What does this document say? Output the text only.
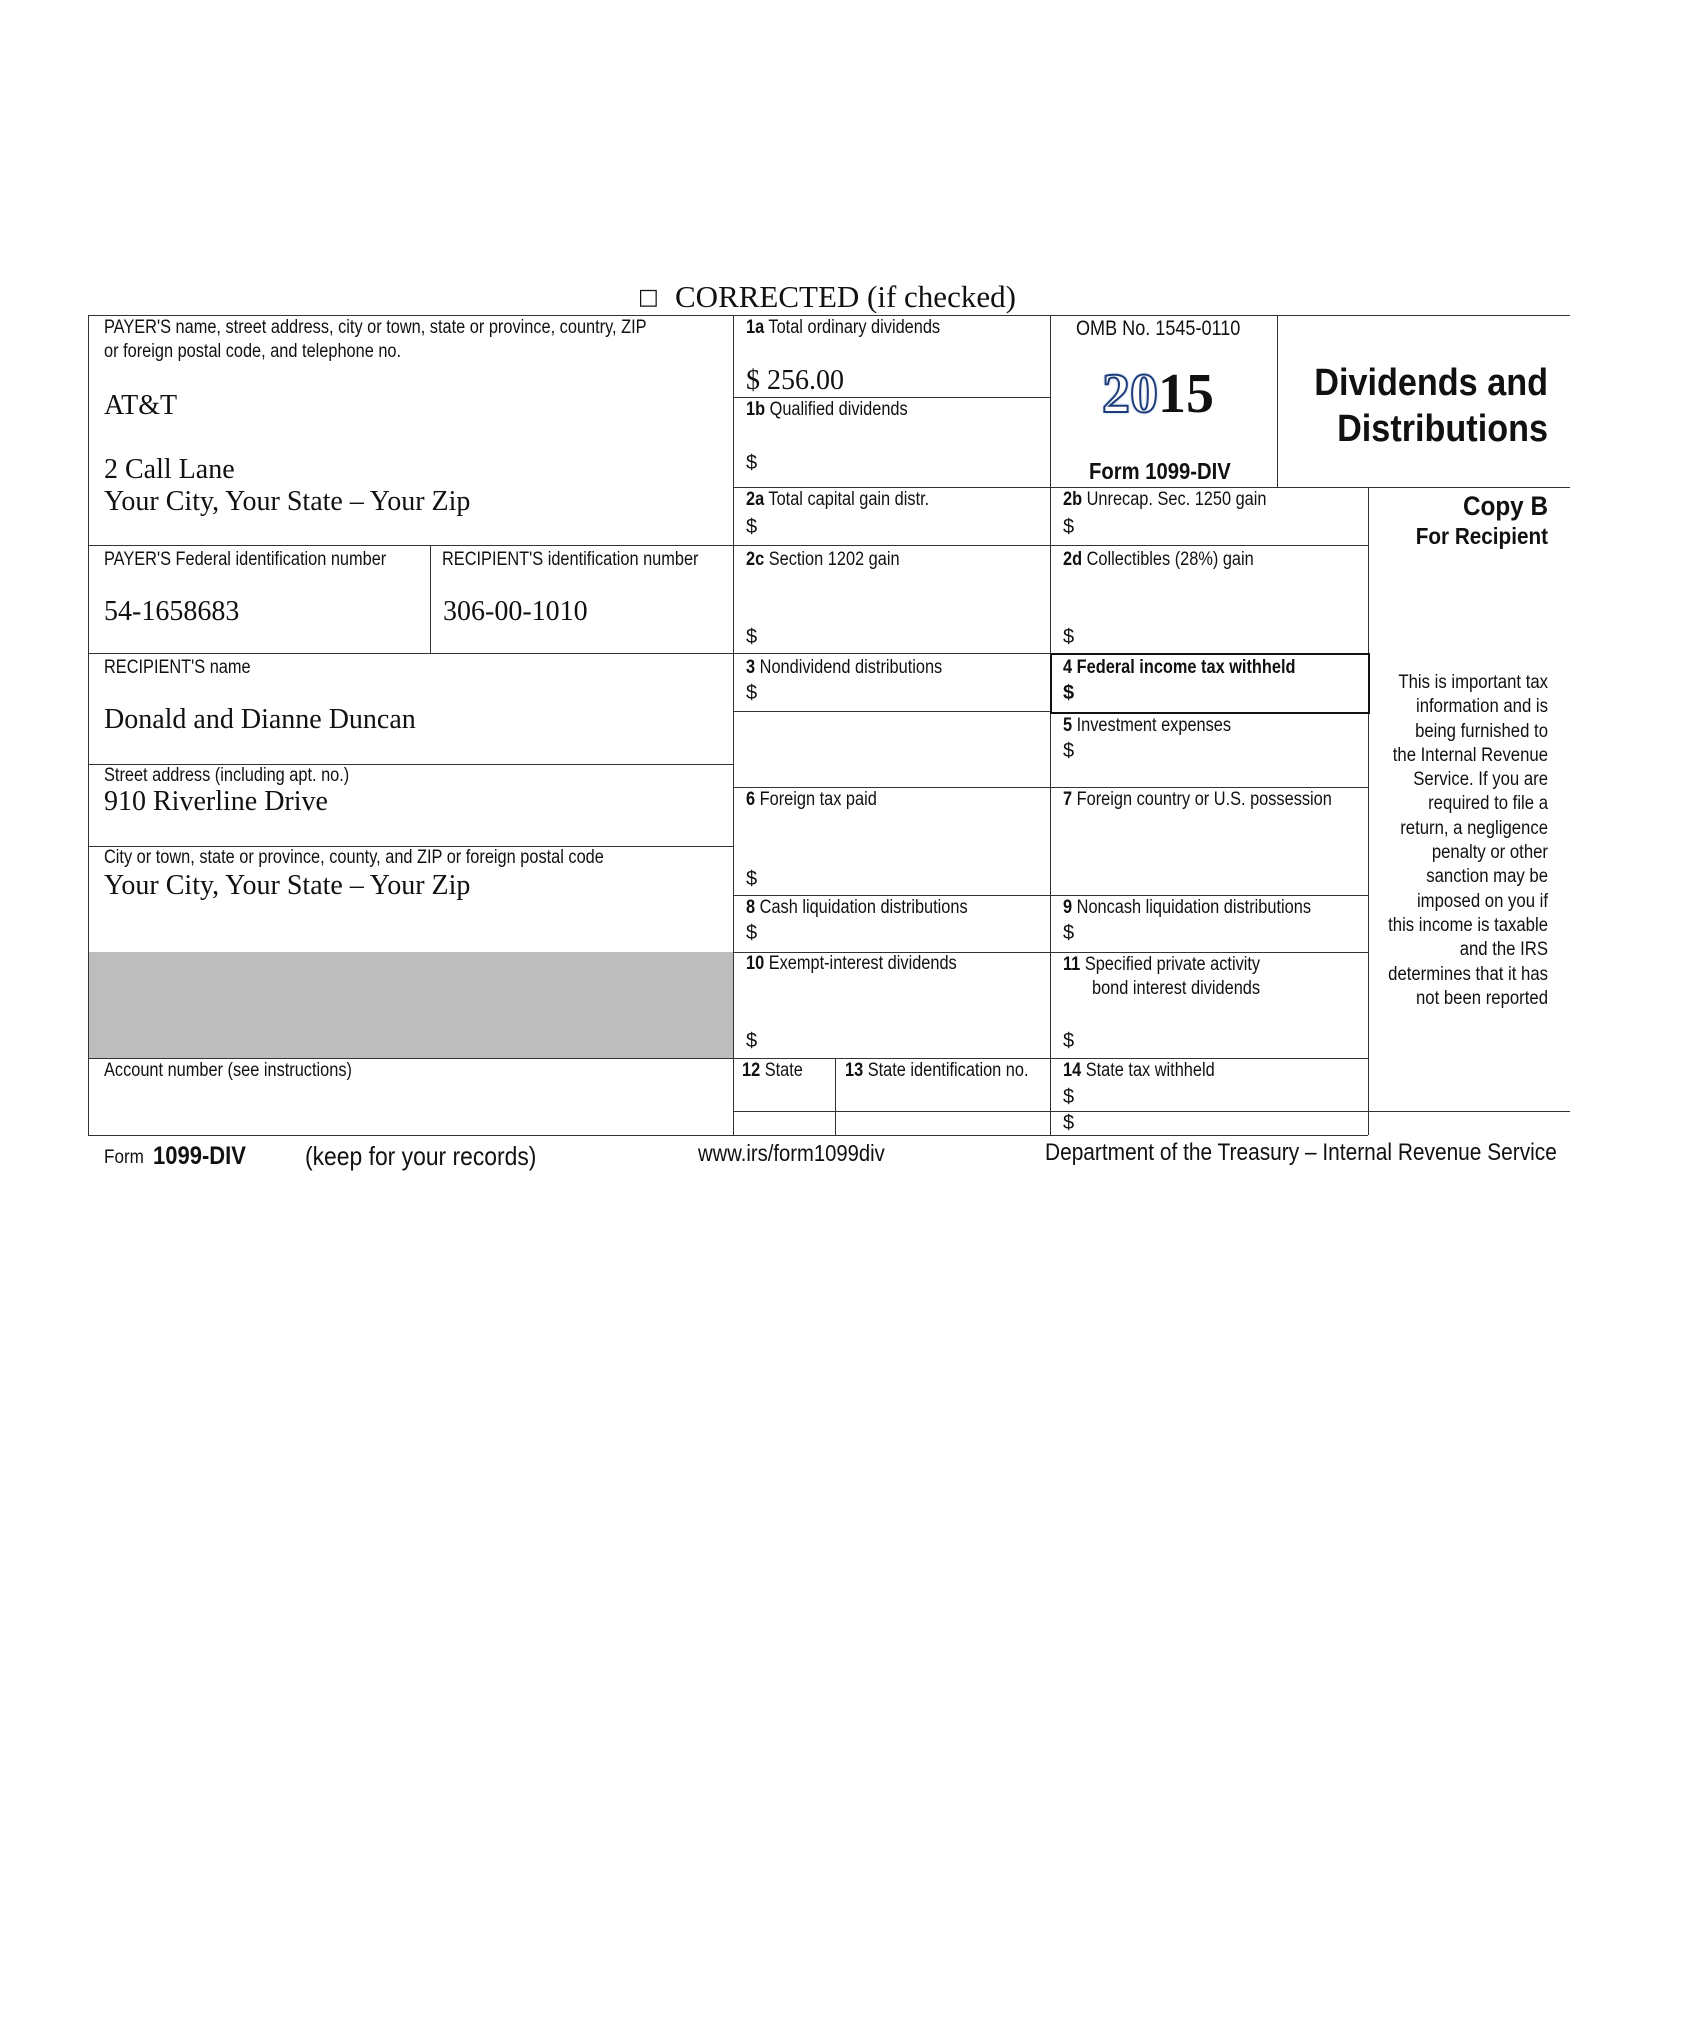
□ CORRECTED (if checked)
PAYER'S name, street address, city or town, state or province, country, ZIP
or foreign postal code, and telephone no.
AT&T
2 Call Lane
Your City, Your State – Your Zip
PAYER'S Federal identification number
54-1658683
RECIPIENT'S identification number
306-00-1010
RECIPIENT'S name
Donald and Dianne Duncan
Street address (including apt. no.)
910 Riverline Drive
City or town, state or province, county, and ZIP or foreign postal code
Your City, Your State – Your Zip
Account number (see instructions)
1a Total ordinary dividends
$ 256.00
1b Qualified dividends
$
2a Total capital gain distr.
$
2c Section 1202 gain
$
3 Nondividend distributions
$
6 Foreign tax paid
$
8 Cash liquidation distributions
$
10 Exempt-interest dividends
$
12 State 13 State identification no.
OMB No. 1545-0110
2015
Form 1099-DIV
2b Unrecap. Sec. 1250 gain
$
2d Collectibles (28%) gain
$
4 Federal income tax withheld
$
5 Investment expenses
$
7 Foreign country or U.S. possession
9 Noncash liquidation distributions
$
11 Specified private activity
bond interest dividends
$
14 State tax withheld
$
$
Dividends and
Distributions
Copy B
For Recipient
This is important tax
information and is
being furnished to
the Internal Revenue
Service. If you are
required to file a
return, a negligence
penalty or other
sanction may be
imposed on you if
this income is taxable
and the IRS
determines that it has
not been reported
Form 1099-DIV (keep for your records)	www.irs/form1099div	Department of the Treasury – Internal Revenue Service
